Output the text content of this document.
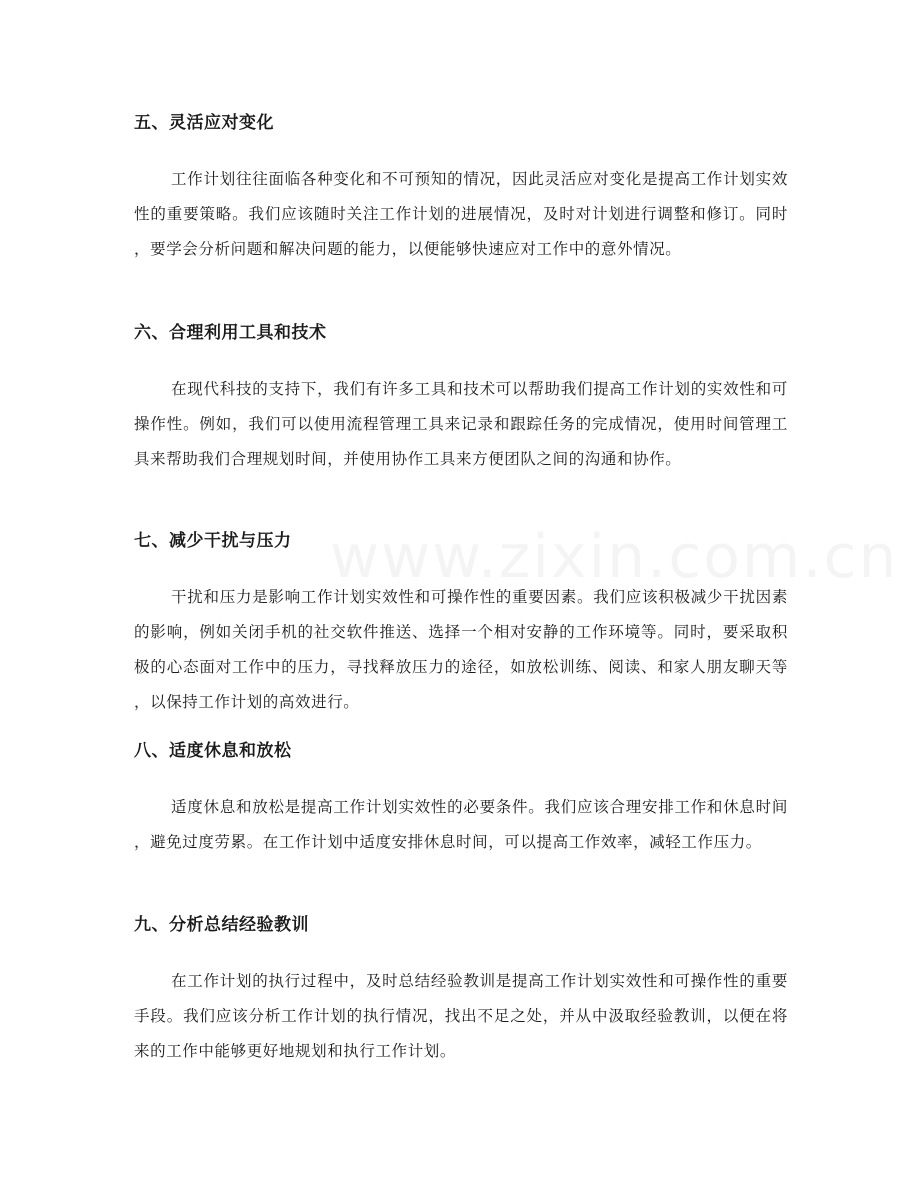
五、灵活应对变化

工作计划往往面临各种变化和不可预知的情况，因此灵活应对变化是提高工作计划实效性的重要策略。我们应该随时关注工作计划的进展情况，及时对计划进行调整和修订。同时，要学会分析问题和解决问题的能力，以便能够快速应对工作中的意外情况。

六、合理利用工具和技术

在现代科技的支持下，我们有许多工具和技术可以帮助我们提高工作计划的实效性和可操作性。例如，我们可以使用流程管理工具来记录和跟踪任务的完成情况，使用时间管理工具来帮助我们合理规划时间，并使用协作工具来方便团队之间的沟通和协作。

七、减少干扰与压力

干扰和压力是影响工作计划实效性和可操作性的重要因素。我们应该积极减少干扰因素的影响，例如关闭手机的社交软件推送、选择一个相对安静的工作环境等。同时，要采取积极的心态面对工作中的压力，寻找释放压力的途径，如放松训练、阅读、和家人朋友聊天等，以保持工作计划的高效进行。

八、适度休息和放松

适度休息和放松是提高工作计划实效性的必要条件。我们应该合理安排工作和休息时间，避免过度劳累。在工作计划中适度安排休息时间，可以提高工作效率，减轻工作压力。

九、分析总结经验教训

在工作计划的执行过程中，及时总结经验教训是提高工作计划实效性和可操作性的重要手段。我们应该分析工作计划的执行情况，找出不足之处，并从中汲取经验教训，以便在将来的工作中能够更好地规划和执行工作计划。
